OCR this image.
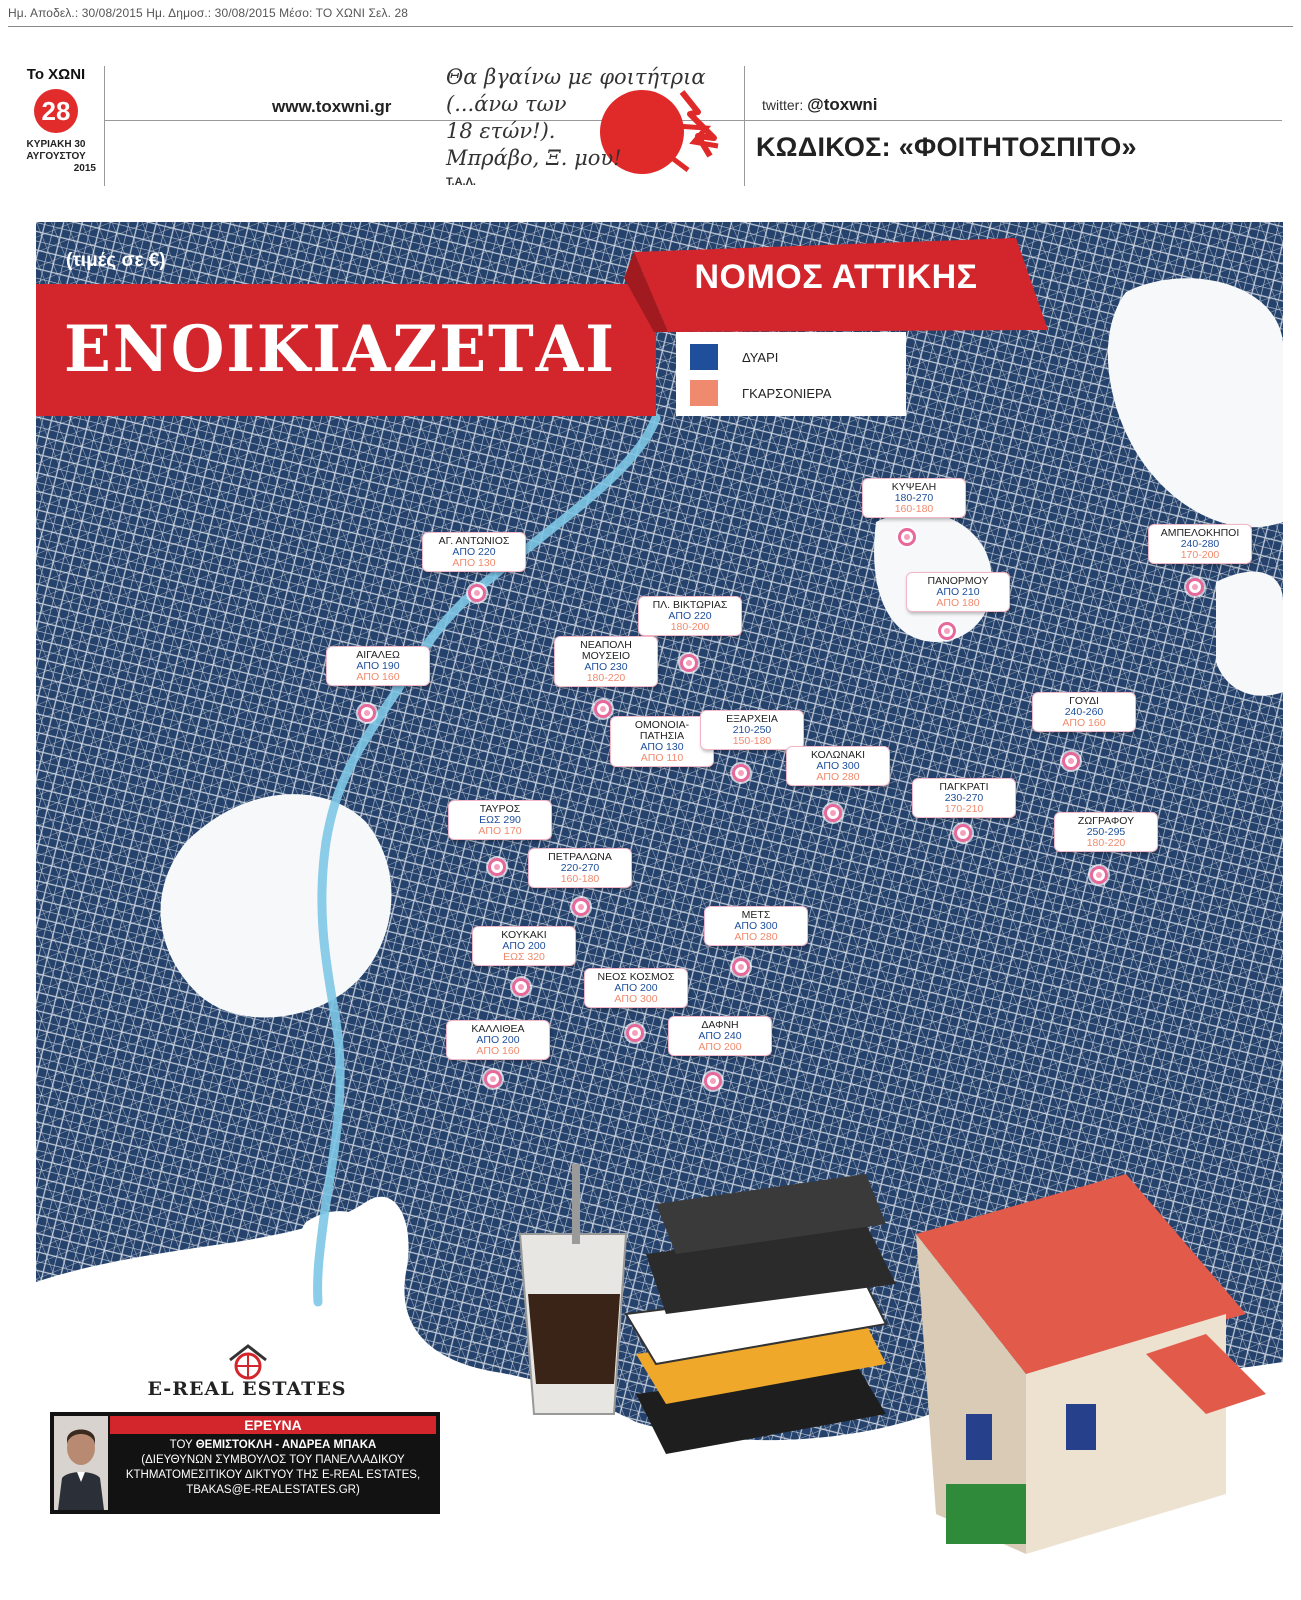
Ημ. Αποδελ.: 30/08/2015 Ημ. Δημοσ.: 30/08/2015 Μέσο: ΤΟ ΧΩΝΙ Σελ. 28
Το ΧΩΝΙ
28
ΚΥΡΙΑΚΗ 30
ΑΥΓΟΥΣΤΟΥ
2015
www.toxwni.gr
Θα βγαίνω με φοιτήτρια
(...άνω των
18 ετών!).
Μπράβο, Ξ. μου!
Τ.Α.Λ.
twitter: @toxwni
ΚΩΔΙΚΟΣ: «ΦΟΙΤΗΤΟΣΠΙΤΟ»
(τιμές σε €)
ΕΝΟΙΚΙΑΖΕΤΑΙ
ΝΟΜΟΣ ΑΤΤΙΚΗΣ
ΔΥΑΡΙ
ΓΚΑΡΣΟΝΙΕΡΑ
ΚΥΨΕΛΗ
180-270
160-180
ΑΜΠΕΛΟΚΗΠΟΙ
240-280
170-200
ΑΓ. ΑΝΤΩΝΙΟΣ
ΑΠΟ 220
ΑΠΟ 130
ΠΑΝΟΡΜΟΥ
ΑΠΟ 210
ΑΠΟ 180
ΠΛ. ΒΙΚΤΩΡΙΑΣ
ΑΠΟ 220
180-200
ΑΙΓΑΛΕΩ
ΑΠΟ 190
ΑΠΟ 160
ΝΕΑΠΟΛΗ
ΜΟΥΣΕΙΟ
ΑΠΟ 230
180-220
ΟΜΟΝΟΙΑ-
ΠΑΤΗΣΙΑ
ΑΠΟ 130
ΑΠΟ 110
ΕΞΑΡΧΕΙΑ
210-250
150-180
ΓΟΥΔΙ
240-260
ΑΠΟ 160
ΚΟΛΩΝΑΚΙ
ΑΠΟ 300
ΑΠΟ 280
ΠΑΓΚΡΑΤΙ
230-270
170-210
ΤΑΥΡΟΣ
ΕΩΣ 290
ΑΠΟ 170
ΖΩΓΡΑΦΟΥ
250-295
180-220
ΠΕΤΡΑΛΩΝΑ
220-270
160-180
ΜΕΤΣ
ΑΠΟ 300
ΑΠΟ 280
ΚΟΥΚΑΚΙ
ΑΠΟ 200
ΕΩΣ 320
ΝΕΟΣ ΚΟΣΜΟΣ
ΑΠΟ 200
ΑΠΟ 300
ΚΑΛΛΙΘΕΑ
ΑΠΟ 200
ΑΠΟ 160
ΔΑΦΝΗ
ΑΠΟ 240
ΑΠΟ 200
E-REAL ESTATES
ΕΡΕΥΝΑ
ΤΟΥ ΘΕΜΙΣΤΟΚΛΗ - ΑΝΔΡΕΑ ΜΠΑΚΑ
(ΔΙΕΥΘΥΝΩΝ ΣΥΜΒΟΥΛΟΣ ΤΟΥ ΠΑΝΕΛΛΑΔΙΚΟΥ ΚΤΗΜΑΤΟΜΕΣΙΤΙΚΟΥ ΔΙΚΤΥΟΥ ΤΗΣ E-REAL ESTATES, TBAKAS@E-REALESTATES.GR)
